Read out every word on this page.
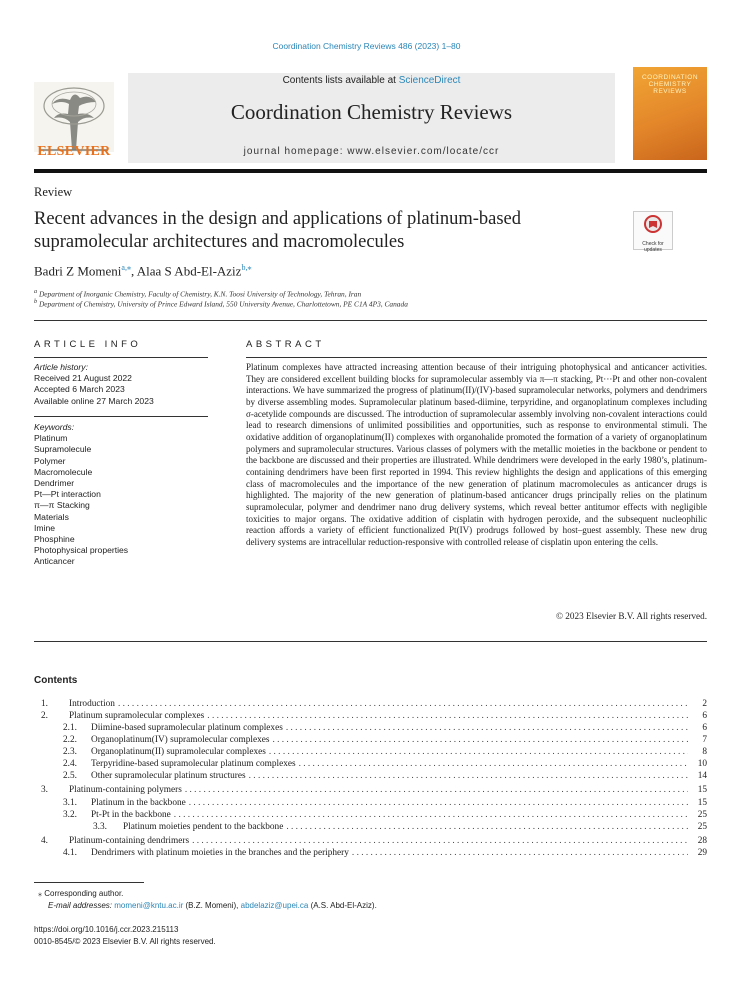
Coordination Chemistry Reviews 486 (2023) 1–80
ELSEVIER
Contents lists available at ScienceDirect
Coordination Chemistry Reviews
journal homepage: www.elsevier.com/locate/ccr
COORDINATION CHEMISTRY REVIEWS
Review
Recent advances in the design and applications of platinum-based supramolecular architectures and macromolecules	Check for updates
Badri Z Momeni$^{a,⁎}$, Alaa S Abd-El-Aziz$^{b,⁎}$
$^a$ Department of Inorganic Chemistry, Faculty of Chemistry, K.N. Toosi University of Technology, Tehran, Iran
$^b$ Department of Chemistry, University of Prince Edward Island, 550 University Avenue, Charlottetown, PE C1A 4P3, Canada
ARTICLE INFO
Article history:
Received 21 August 2022
Accepted 6 March 2023
Available online 27 March 2023
Keywords:
Platinum
Supramolecule
Polymer
Macromolecule
Dendrimer
Pt—Pt interaction
π—π Stacking
Materials
Imine
Phosphine
Photophysical properties
Anticancer
ABSTRACT
Platinum complexes have attracted increasing attention because of their intriguing photophysical and anticancer activities. They are considered excellent building blocks for supramolecular assembly via π—π stacking, Pt···Pt and other non-covalent interactions. We have summarized the progress of platinum(II)/(IV)-based supramolecular networks, polymers and dendrimers by diverse assembling modes. Supramolecular platinum based-diimine, terpyridine, and organoplatinum complexes including σ-acetylide compounds are discussed. The introduction of supramolecular assembly involving non-covalent interactions could lead to research dimensions of unlimited possibilities and opportunities, such as response to environmental stimuli. The oxidative addition of organoplatinum(II) complexes with organohalide promoted the formation of a variety of organoplatinum polymers and supramolecular structures. Various classes of polymers with the metallic moieties in the backbone or pendent to the backbone are discussed and their properties are illustrated. While dendrimers were developed in the early 1980’s, platinum-containing dendrimers have been first reported in 1994. This review highlights the design and applications of this emerging class of macromolecules and the importance of the new generation of platinum macromolecules as anticancer drugs is highlighted. The majority of the new generation of platinum-based anticancer drugs principally relies on the platinum supramolecular, polymer and dendrimer nano drug delivery systems, which reveal better antitumor effects with negligible toxicities to major organs. The oxidative addition of cisplatin with hydrogen peroxide, and the subsequent nucleophilic reaction affords a variety of efficient functionalized Pt(IV) prodrugs followed by host–guest assembly. These new drug delivery systems are intracellular reduction-responsive with controlled release of cisplatin upon entering the cells.
© 2023 Elsevier B.V. All rights reserved.
Contents
1.	Introduction . . .	2
2.	Platinum supramolecular complexes . . .	6
2.1.	Diimine-based supramolecular platinum complexes . . .	6
2.2.	Organoplatinum(IV) supramolecular complexes . . .	7
2.3.	Organoplatinum(II) supramolecular complexes . . .	8
2.4.	Terpyridine-based supramolecular platinum complexes . . .	10
2.5.	Other supramolecular platinum structures . . .	14
3.	Platinum-containing polymers . . .	15
3.1.	Platinum in the backbone . . .	15
3.2.	Pt-Pt in the backbone . . .	25
3.3.	Platinum moieties pendent to the backbone . . .	25
4.	Platinum-containing dendrimers . . .	28
4.1.	Dendrimers with platinum moieties in the branches and the periphery . . .	29
⁎ Corresponding author.
E-mail addresses: momeni@kntu.ac.ir (B.Z. Momeni), abdelaziz@upei.ca (A.S. Abd-El-Aziz).
https://doi.org/10.1016/j.ccr.2023.215113
0010-8545/© 2023 Elsevier B.V. All rights reserved.
